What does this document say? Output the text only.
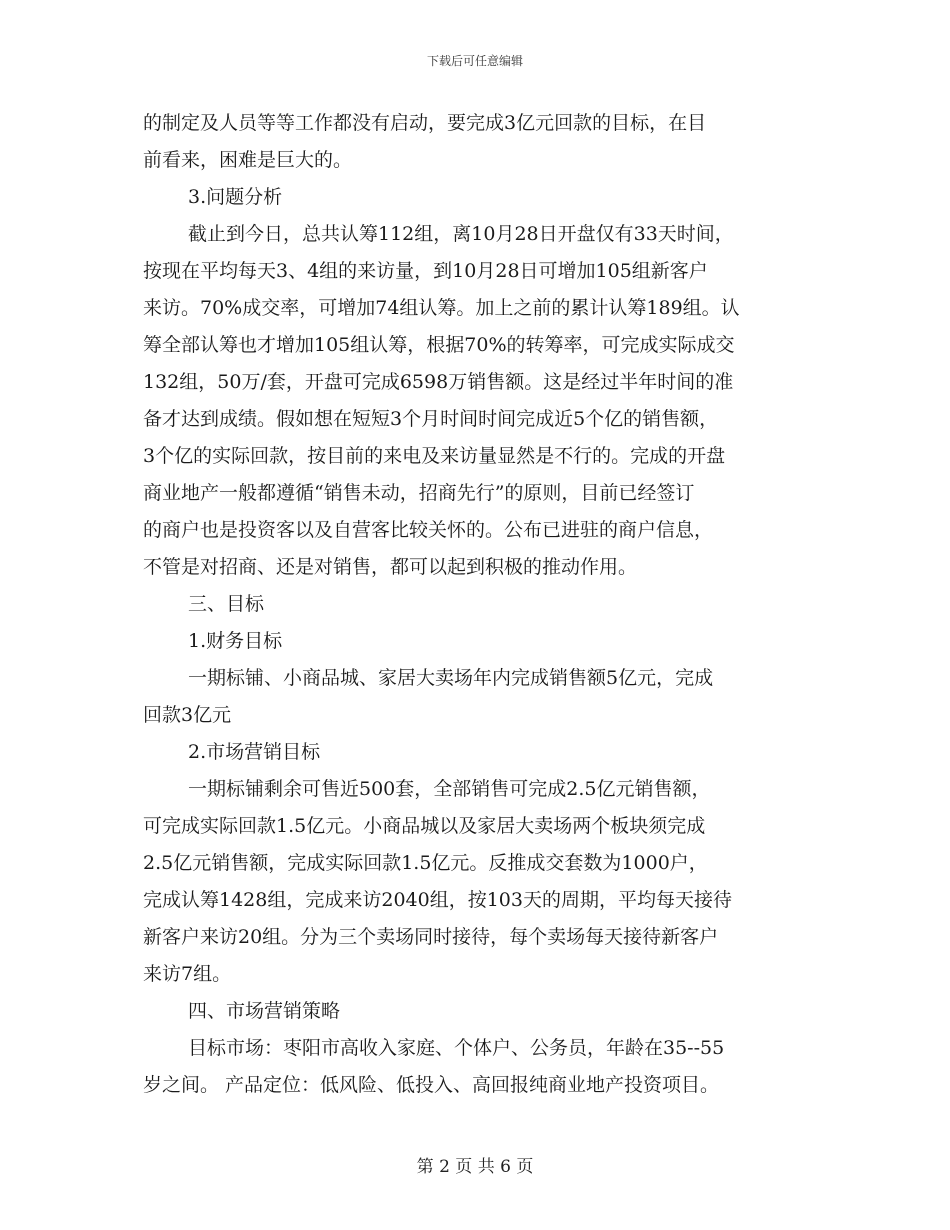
下载后可任意编辑
的制定及人员等等工作都没有启动，要完成3亿元回款的目标，在目
前看来，困难是巨大的。
3.问题分析
截止到今日，总共认筹112组，离10月28日开盘仅有33天时间，
按现在平均每天3、4组的来访量，到10月28日可增加105组新客户
来访。70%成交率，可增加74组认筹。加上之前的累计认筹189组。认
筹全部认筹也才增加105组认筹，根据70%的转筹率，可完成实际成交
132组，50万/套，开盘可完成6598万销售额。这是经过半年时间的准
备才达到成绩。假如想在短短3个月时间时间完成近5个亿的销售额，
3个亿的实际回款，按目前的来电及来访量显然是不行的。完成的开盘
商业地产一般都遵循“销售未动，招商先行”的原则，目前已经签订
的商户也是投资客以及自营客比较关怀的。公布已进驻的商户信息，
不管是对招商、还是对销售，都可以起到积极的推动作用。
三、目标
1.财务目标
一期标铺、小商品城、家居大卖场年内完成销售额5亿元，完成
回款3亿元
2.市场营销目标
一期标铺剩余可售近500套，全部销售可完成2.5亿元销售额，
可完成实际回款1.5亿元。小商品城以及家居大卖场两个板块须完成
2.5亿元销售额，完成实际回款1.5亿元。反推成交套数为1000户，
完成认筹1428组，完成来访2040组，按103天的周期，平均每天接待
新客户来访20组。分为三个卖场同时接待，每个卖场每天接待新客户
来访7组。
四、市场营销策略
目标市场：枣阳市高收入家庭、个体户、公务员，年龄在35--55
岁之间。 产品定位：低风险、低投入、高回报纯商业地产投资项目。
第 2 页 共 6 页
